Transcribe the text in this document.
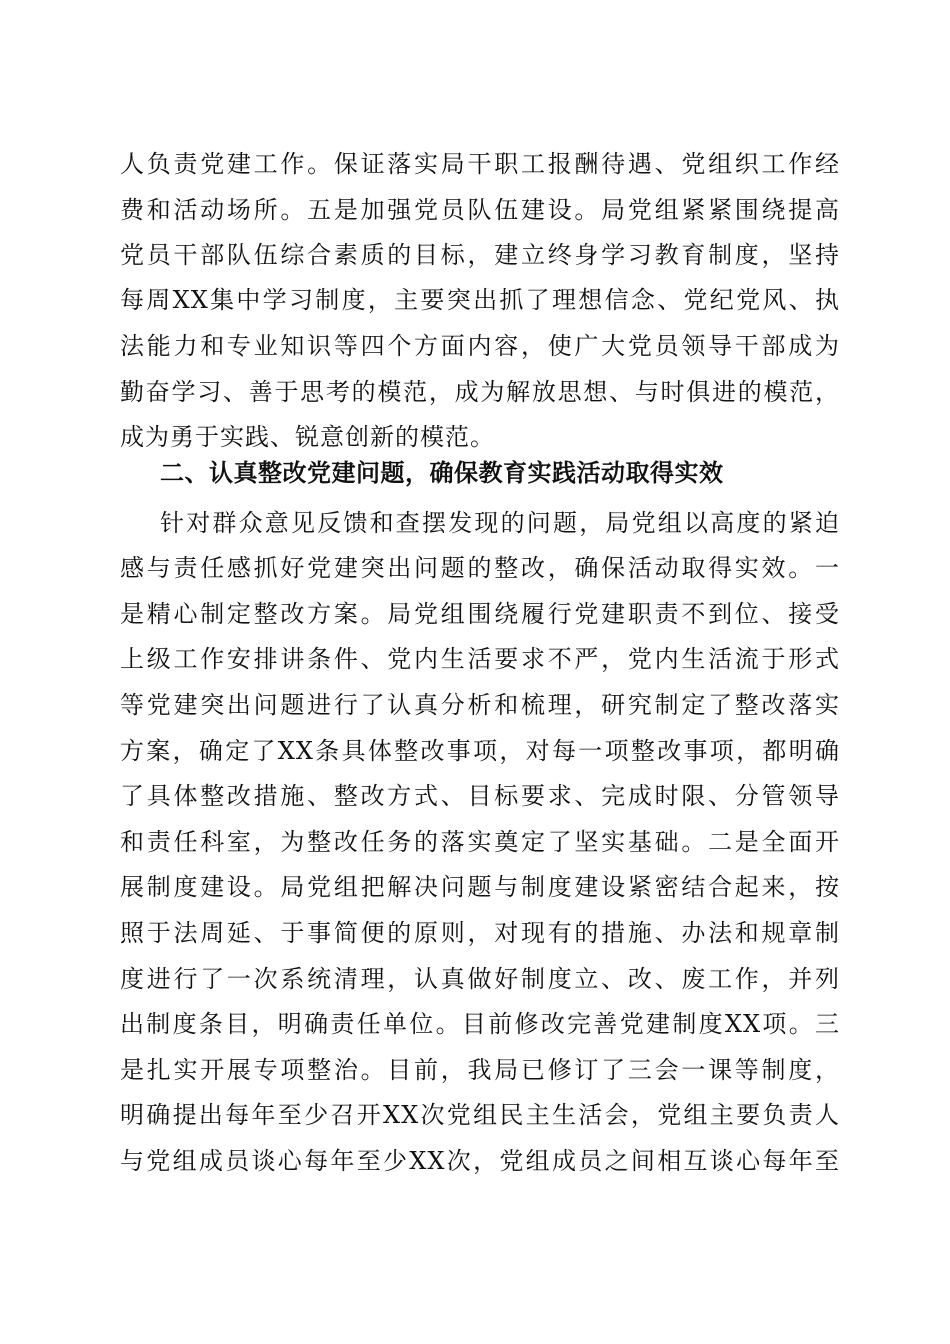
人负责党建工作。保证落实局干职工报酬待遇、党组织工作经
费和活动场所。五是加强党员队伍建设。局党组紧紧围绕提高
党员干部队伍综合素质的目标，建立终身学习教育制度，坚持
每周XX集中学习制度，主要突出抓了理想信念、党纪党风、执
法能力和专业知识等四个方面内容，使广大党员领导干部成为
勤奋学习、善于思考的模范，成为解放思想、与时俱进的模范，
成为勇于实践、锐意创新的模范。
二、认真整改党建问题，确保教育实践活动取得实效
针对群众意见反馈和查摆发现的问题，局党组以高度的紧迫
感与责任感抓好党建突出问题的整改，确保活动取得实效。一
是精心制定整改方案。局党组围绕履行党建职责不到位、接受
上级工作安排讲条件、党内生活要求不严，党内生活流于形式
等党建突出问题进行了认真分析和梳理，研究制定了整改落实
方案，确定了XX条具体整改事项，对每一项整改事项，都明确
了具体整改措施、整改方式、目标要求、完成时限、分管领导
和责任科室，为整改任务的落实奠定了坚实基础。二是全面开
展制度建设。局党组把解决问题与制度建设紧密结合起来，按
照于法周延、于事简便的原则，对现有的措施、办法和规章制
度进行了一次系统清理，认真做好制度立、改、废工作，并列
出制度条目，明确责任单位。目前修改完善党建制度XX项。三
是扎实开展专项整治。目前，我局已修订了三会一课等制度，
明确提出每年至少召开XX次党组民主生活会，党组主要负责人
与党组成员谈心每年至少XX次，党组成员之间相互谈心每年至
